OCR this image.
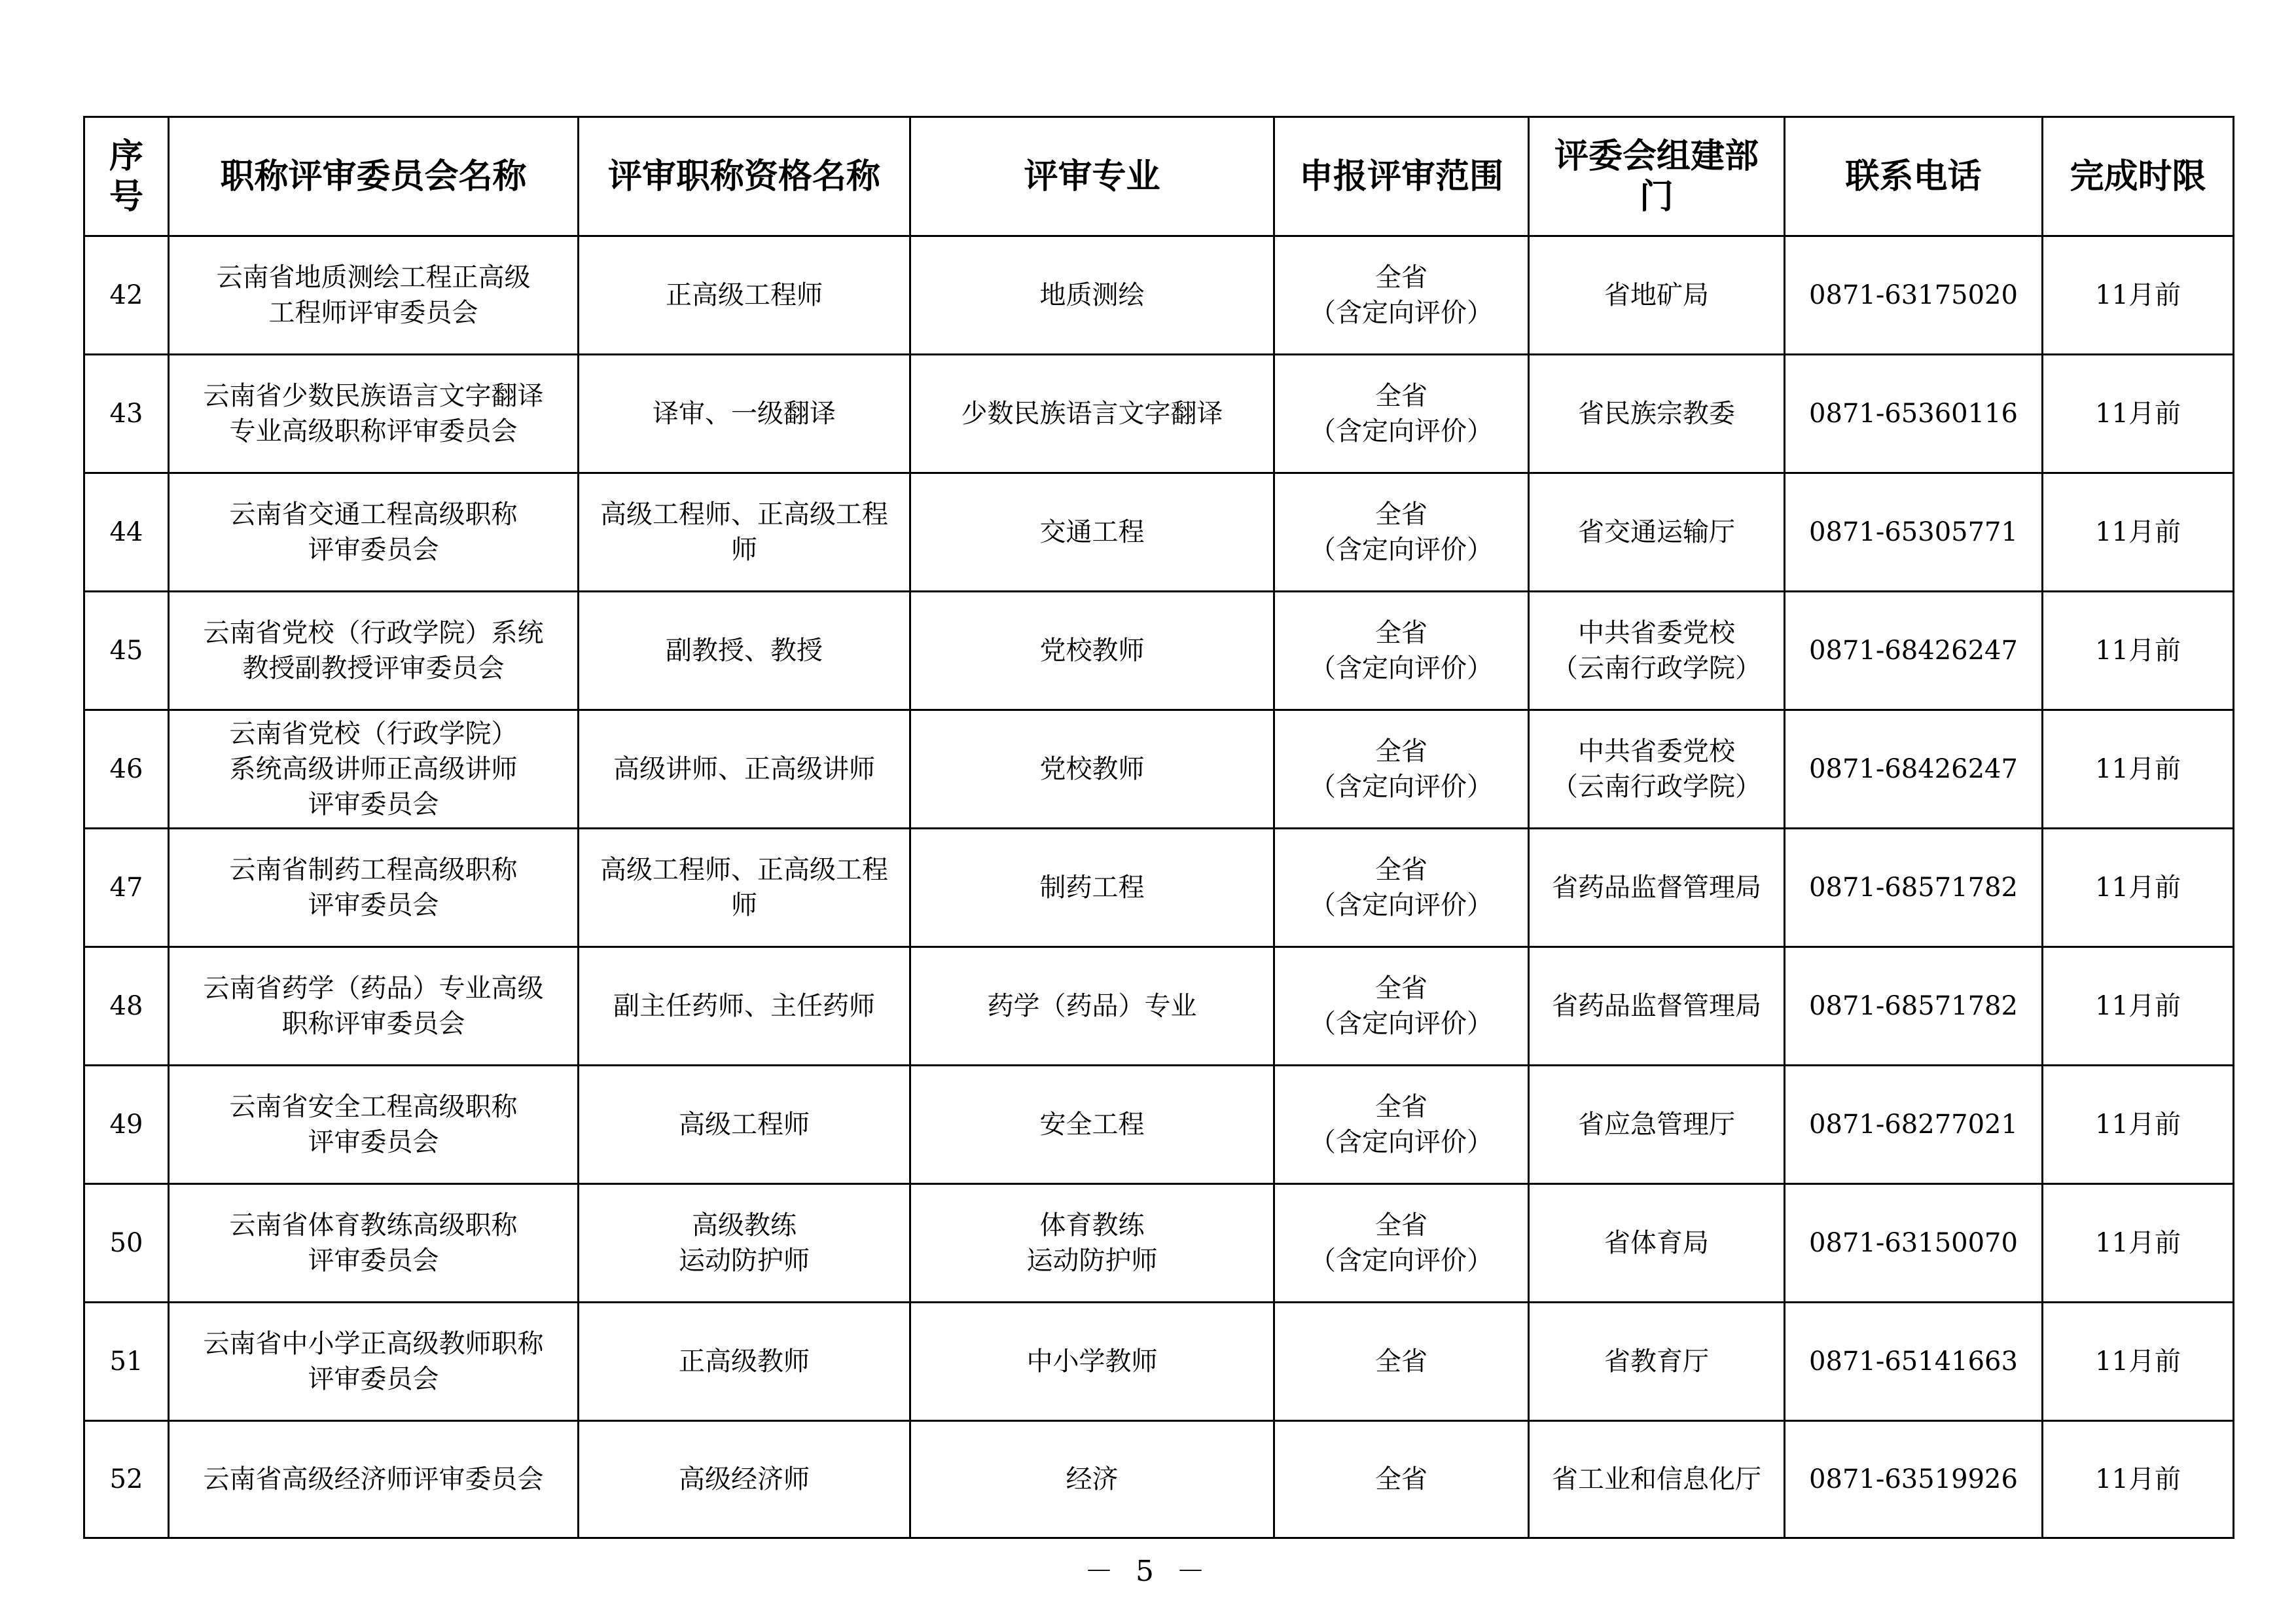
序
号	职称评审委员会名称	评审职称资格名称	评审专业	申报评审范围	评委会组建部
门	联系电话	完成时限

42	云南省地质测绘工程正高级
工程师评审委员会	正高级工程师	地质测绘	全省
（含定向评价）	省地矿局	0871-63175020	11月前
43	云南省少数民族语言文字翻译
专业高级职称评审委员会	译审、一级翻译	少数民族语言文字翻译	全省
（含定向评价）	省民族宗教委	0871-65360116	11月前
44	云南省交通工程高级职称
评审委员会	高级工程师、正高级工程
师	交通工程	全省
（含定向评价）	省交通运输厅	0871-65305771	11月前
45	云南省党校（行政学院）系统
教授副教授评审委员会	副教授、教授	党校教师	全省
（含定向评价）	中共省委党校
（云南行政学院）	0871-68426247	11月前
46	云南省党校（行政学院）
系统高级讲师正高级讲师
评审委员会	高级讲师、正高级讲师	党校教师	全省
（含定向评价）	中共省委党校
（云南行政学院）	0871-68426247	11月前
47	云南省制药工程高级职称
评审委员会	高级工程师、正高级工程
师	制药工程	全省
（含定向评价）	省药品监督管理局	0871-68571782	11月前
48	云南省药学（药品）专业高级
职称评审委员会	副主任药师、主任药师	药学（药品）专业	全省
（含定向评价）	省药品监督管理局	0871-68571782	11月前
49	云南省安全工程高级职称
评审委员会	高级工程师	安全工程	全省
（含定向评价）	省应急管理厅	0871-68277021	11月前
50	云南省体育教练高级职称
评审委员会	高级教练
运动防护师	体育教练
运动防护师	全省
（含定向评价）	省体育局	0871-63150070	11月前
51	云南省中小学正高级教师职称
评审委员会	正高级教师	中小学教师	全省	省教育厅	0871-65141663	11月前
52	云南省高级经济师评审委员会	高级经济师	经济	全省	省工业和信息化厅	0871-63519926	11月前
－ 5 －
